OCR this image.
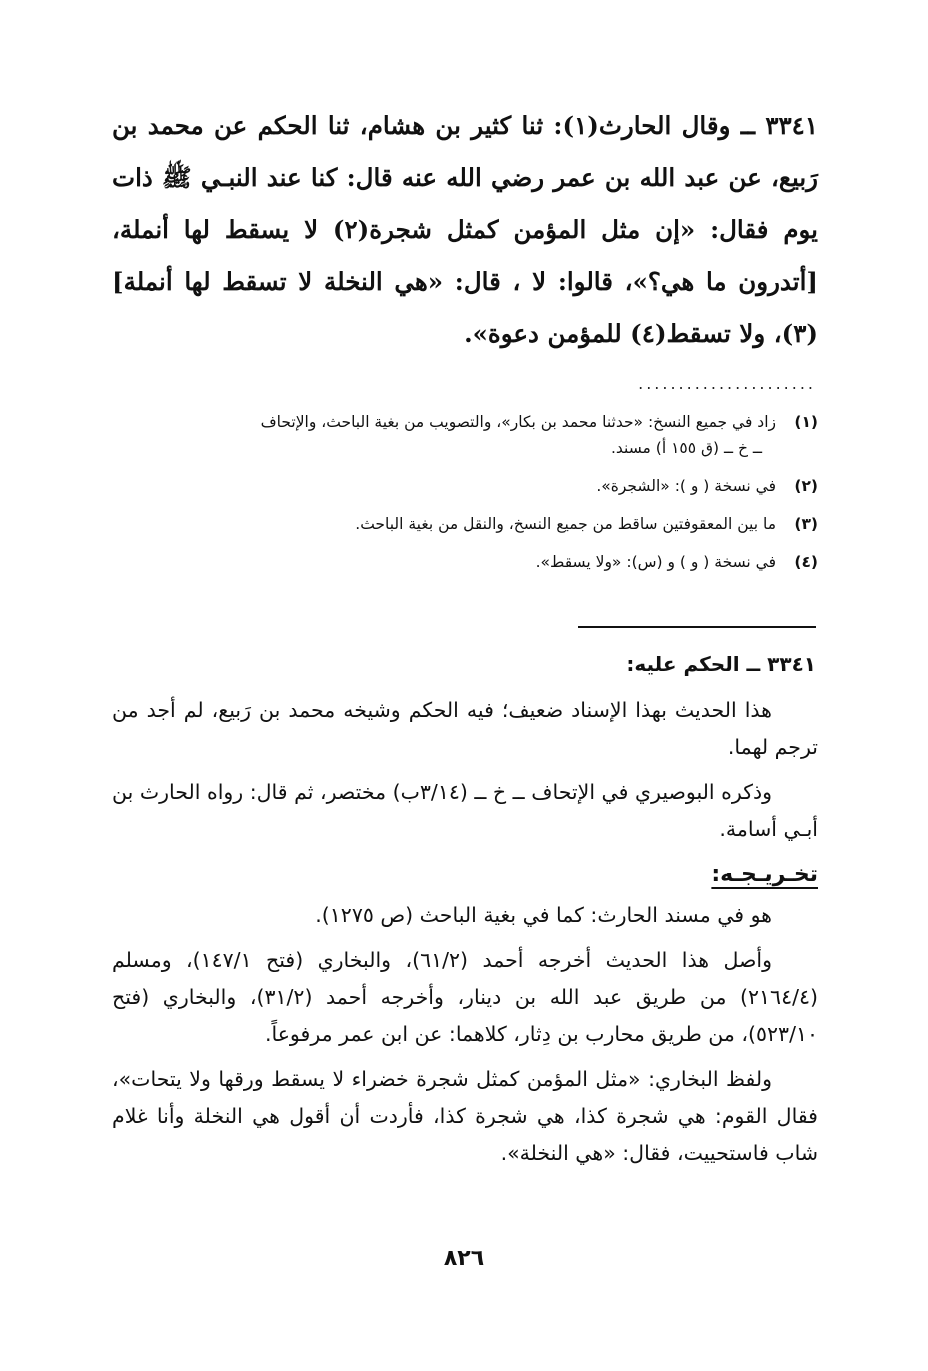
٣٣٤١ ــ وقال الحارث(١): ثنا كثير بن هشام، ثنا الحكم عن محمد بن رَبيع، عن عبد الله بن عمر رضي الله عنه قال: كنا عند النبـي ﷺ ذات يوم فقال: «إن مثل المؤمن كمثل شجرة(٢) لا يسقط لها أنملة، [أتدرون ما هي؟»، قالوا: لا ، قال: «هي النخلة لا تسقط لها أنملة](٣)، ولا تسقط(٤) للمؤمن دعوة».

......................
(١)
زاد في جميع النسخ: «حدثنا محمد بن بكار»، والتصويب من بغية الباحث، والإتحاف
ــ خ ــ (ق ١٥٥ أ) مسند.
(٢)
في نسخة ( و ): «الشجرة».
(٣)
ما بين المعقوفتين ساقط من جميع النسخ، والنقل من بغية الباحث.
(٤)
في نسخة ( و ) و (س): «ولا يسقط».
٣٣٤١ ــ الحكم عليه:

هذا الحديث بهذا الإسناد ضعيف؛ فيه الحكم وشيخه محمد بن رَبيع، لم أجد من ترجم لهما.

وذكره البوصيري في الإتحاف ــ خ ــ (٣/١٤ب) مختصر، ثم قال: رواه الحارث بن أبـي أسامة.

تخـريـجـه:

هو في مسند الحارث: كما في بغية الباحث (ص ١٢٧٥).

وأصل هذا الحديث أخرجه أحمد (٦١/٢)، والبخاري (فتح ١٤٧/١)، ومسلم (٢١٦٤/٤) من طريق عبد الله بن دينار، وأخرجه أحمد (٣١/٢)، والبخاري (فتح ٥٢٣/١٠)، من طريق محارب بن دِثار، كلاهما: عن ابن عمر مرفوعاً.

ولفظ البخاري: «مثل المؤمن كمثل شجرة خضراء لا يسقط ورقها ولا يتحات»، فقال القوم: هي شجرة كذا، هي شجرة كذا، فأردت أن أقول هي النخلة وأنا غلام شاب فاستحييت، فقال: «هي النخلة».

٨٢٦
